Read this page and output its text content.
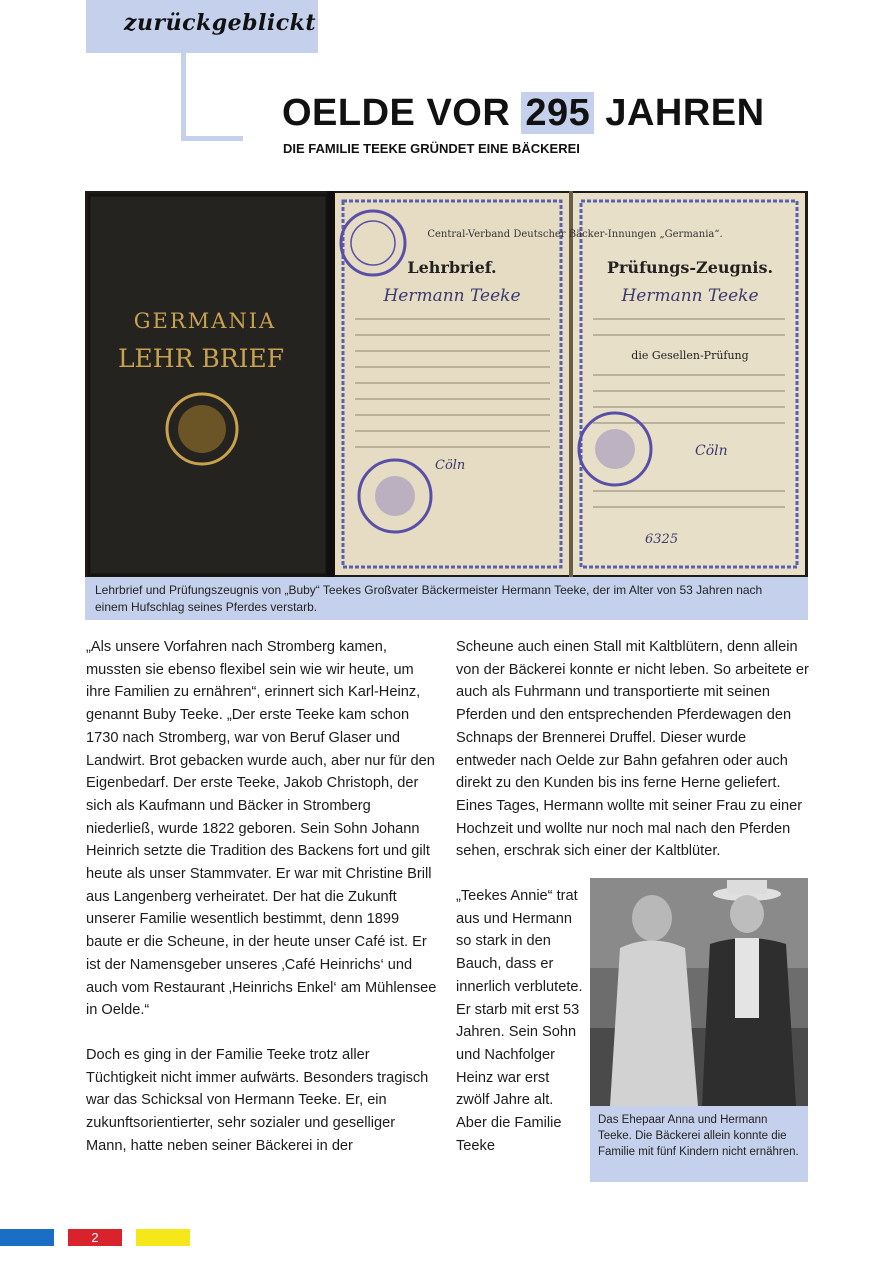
zurückgeblickt
OELDE VOR 295 JAHREN
DIE FAMILIE TEEKE GRÜNDET EINE BÄCKEREI
GERMANIA
LEHR BRIEF
Central-Verband Deutscher Bäcker-Innungen „Germania“.
Lehrbrief.	Prüfungs-Zeugnis.
Hermann Teeke	Hermann Teeke
die Gesellen-Prüfung
Cöln
Cöln
6325
Lehrbrief und Prüfungszeugnis von „Buby“ Teekes Großvater Bäckermeister Hermann Teeke, der im Alter von 53 Jahren nach einem Hufschlag seines Pferdes verstarb.

„Als unsere Vorfahren nach Stromberg kamen, mussten sie ebenso flexibel sein wie wir heute, um ihre Familien zu ernähren“, erinnert sich Karl-Heinz, genannt Buby Teeke. „Der erste Teeke kam schon 1730 nach Stromberg, war von Beruf Glaser und Landwirt. Brot gebacken wurde auch, aber nur für den Eigenbedarf. Der erste Teeke, Jakob Christoph, der sich als Kaufmann und Bäcker in Stromberg niederließ, wurde 1822 geboren. Sein Sohn Johann Heinrich setzte die Tradition des Backens fort und gilt heute als unser Stammvater. Er war mit Christine Brill aus Langenberg verheiratet. Der hat die Zukunft unserer Familie wesentlich bestimmt, denn 1899 baute er die Scheune, in der heute unser Café ist. Er ist der Namensgeber unseres ‚Café Heinrichs‘ und auch vom Restaurant ‚Heinrichs Enkel‘ am Mühlensee in Oelde.“

Doch es ging in der Familie Teeke trotz aller Tüchtigkeit nicht immer aufwärts. Besonders tragisch war das Schicksal von Hermann Teeke. Er, ein zukunftsorientierter, sehr sozialer und geselliger Mann, hatte neben seiner Bäckerei in der

Scheune auch einen Stall mit Kaltblütern, denn allein von der Bäckerei konnte er nicht leben. So arbeitete er auch als Fuhrmann und transportierte mit seinen Pferden und den entsprechenden Pferdewagen den Schnaps der Brennerei Druffel. Dieser wurde entweder nach Oelde zur Bahn gefahren oder auch direkt zu den Kunden bis ins ferne Herne geliefert. Eines Tages, Hermann wollte mit seiner Frau zu einer Hochzeit und wollte nur noch mal nach den Pferden sehen, erschrak sich einer der Kaltblüter.

„Teekes Annie“ trat aus und Hermann so stark in den Bauch, dass er innerlich verblutete. Er starb mit erst 53 Jahren. Sein Sohn und Nachfolger Heinz war erst zwölf Jahre alt. Aber die Familie Teeke

Das Ehepaar Anna und Hermann Teeke. Die Bäckerei allein konnte die Familie mit fünf Kindern nicht ernähren.
2
